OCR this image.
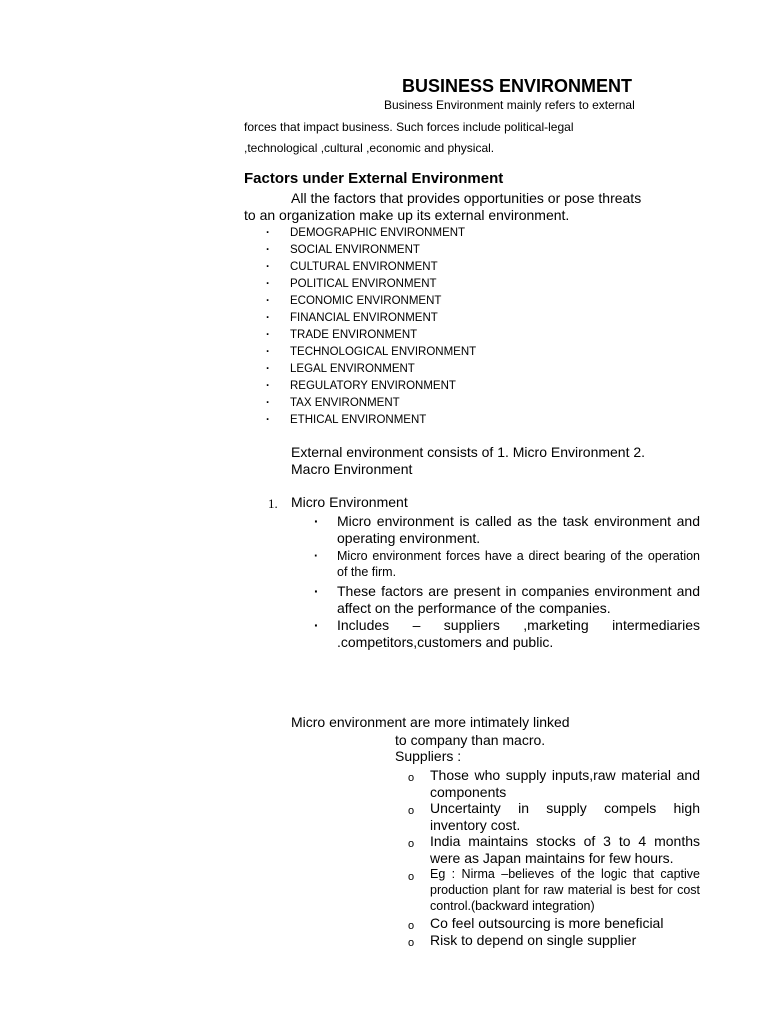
BUSINESS ENVIRONMENT
Business Environment mainly refers to external
forces that impact business. Such forces include political-legal
,technological ,cultural ,economic and physical.
Factors under External Environment
All the factors that provides opportunities or pose threats
to an organization make up its external environment.
· DEMOGRAPHIC ENVIRONMENT
· SOCIAL ENVIRONMENT
· CULTURAL ENVIRONMENT
· POLITICAL ENVIRONMENT
· ECONOMIC ENVIRONMENT
· FINANCIAL ENVIRONMENT
· TRADE ENVIRONMENT
· TECHNOLOGICAL ENVIRONMENT
· LEGAL ENVIRONMENT
· REGULATORY ENVIRONMENT
· TAX ENVIRONMENT
· ETHICAL ENVIRONMENT
External environment consists of 1. Micro Environment 2.
Macro Environment
1. Micro Environment
· Micro environment is called as the task environment and operating environment.
· Micro environment forces have a direct bearing of the operation of the firm.
· These factors are present in companies environment and affect on the performance of the companies.
· Includes – suppliers ,marketing intermediaries .competitors,customers and public.
Micro environment are more intimately linked
to company than macro.
Suppliers :
o Those who supply inputs,raw material and components
o Uncertainty in supply compels high inventory cost.
o India maintains stocks of 3 to 4 months were as Japan maintains for few hours.
o Eg : Nirma –believes of the logic that captive production plant for raw material is best for cost control.(backward integration)
o Co feel outsourcing is more beneficial
o Risk to depend on single supplier
